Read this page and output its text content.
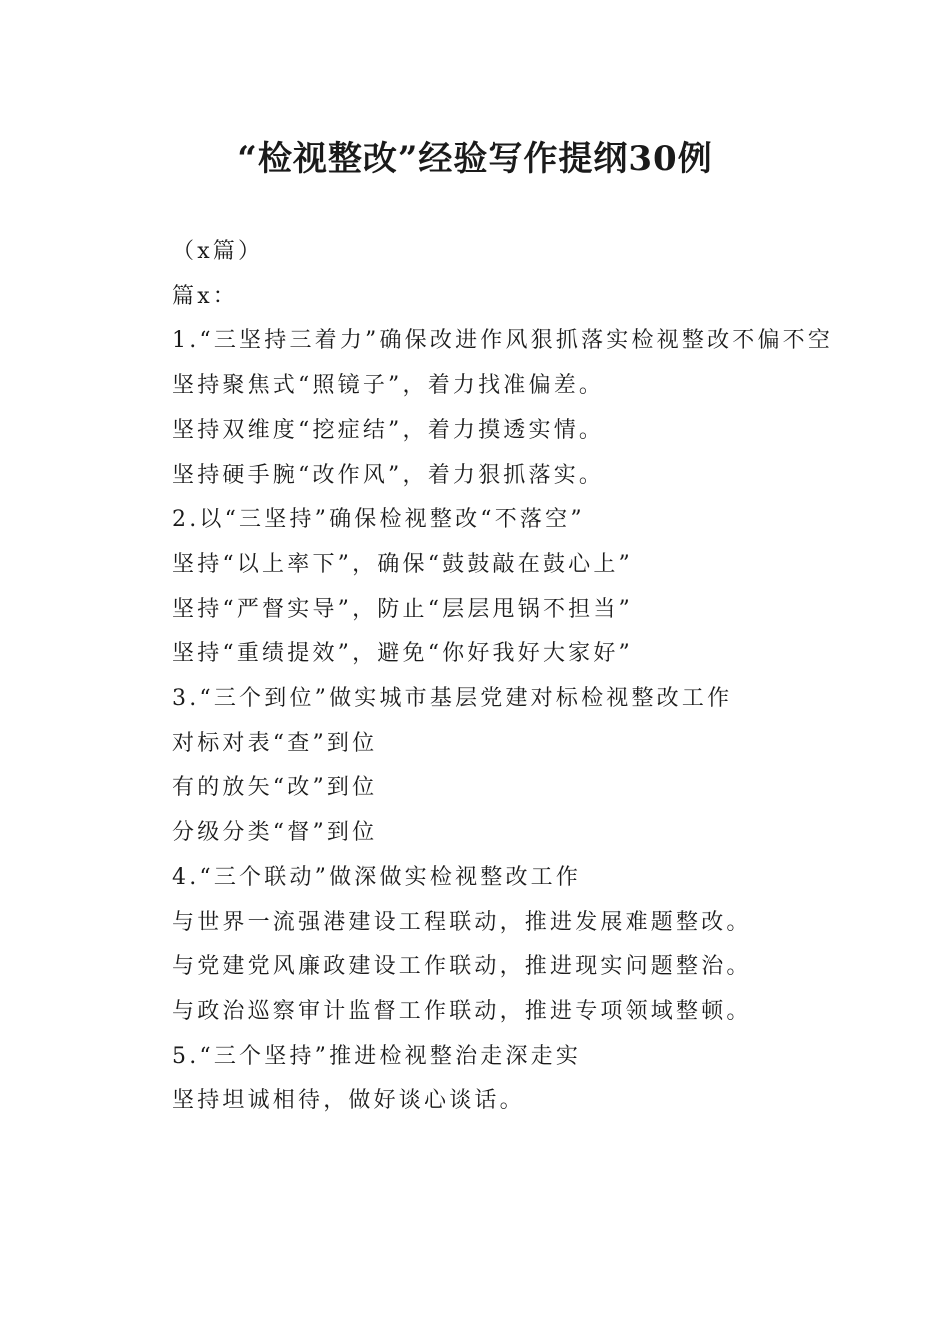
“检视整改”经验写作提纲30例

（x篇）

篇x：

1.“三坚持三着力”确保改进作风狠抓落实检视整改不偏不空

坚持聚焦式“照镜子”，着力找准偏差。

坚持双维度“挖症结”，着力摸透实情。

坚持硬手腕“改作风”，着力狠抓落实。

2.以“三坚持”确保检视整改“不落空”

坚持“以上率下”，确保“鼓鼓敲在鼓心上”

坚持“严督实导”，防止“层层甩锅不担当”

坚持“重绩提效”，避免“你好我好大家好”

3.“三个到位”做实城市基层党建对标检视整改工作

对标对表“查”到位

有的放矢“改”到位

分级分类“督”到位

4.“三个联动”做深做实检视整改工作

与世界一流强港建设工程联动，推进发展难题整改。

与党建党风廉政建设工作联动，推进现实问题整治。

与政治巡察审计监督工作联动，推进专项领域整顿。

5.“三个坚持”推进检视整治走深走实

坚持坦诚相待，做好谈心谈话。
